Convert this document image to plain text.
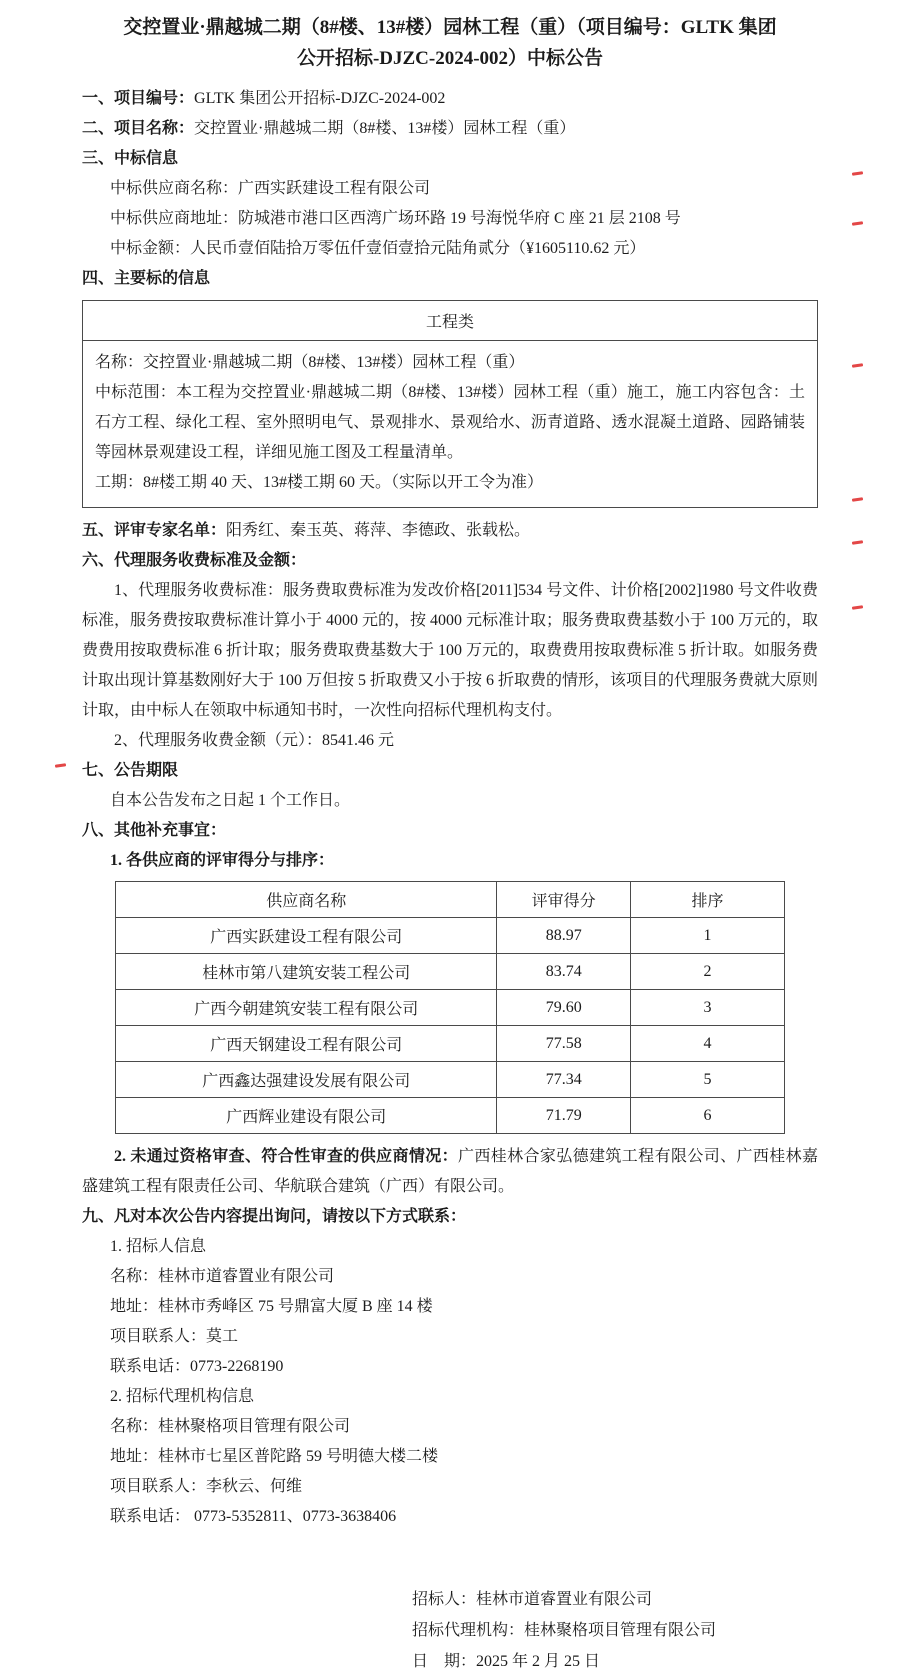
交控置业·鼎越城二期（8#楼、13#楼）园林工程（重）（项目编号：GLTK 集团
公开招标-DJZC-2024-002）中标公告

一、项目编号：GLTK 集团公开招标-DJZC-2024-002

二、项目名称：交控置业·鼎越城二期（8#楼、13#楼）园林工程（重）

三、中标信息

中标供应商名称：广西实跃建设工程有限公司

中标供应商地址：防城港市港口区西湾广场环路 19 号海悦华府 C 座 21 层 2108 号

中标金额：人民币壹佰陆拾万零伍仟壹佰壹拾元陆角贰分（¥1605110.62 元）

四、主要标的信息

工程类

名称：交控置业·鼎越城二期（8#楼、13#楼）园林工程（重）

中标范围：本工程为交控置业·鼎越城二期（8#楼、13#楼）园林工程（重）施工，施工内容包含：土石方工程、绿化工程、室外照明电气、景观排水、景观给水、沥青道路、透水混凝土道路、园路铺装等园林景观建设工程，详细见施工图及工程量清单。

工期：8#楼工期 40 天、13#楼工期 60 天。（实际以开工令为准）

五、评审专家名单：阳秀红、秦玉英、蒋萍、李德政、张载松。

六、代理服务收费标准及金额：

1、代理服务收费标准：服务费取费标准为发改价格[2011]534 号文件、计价格[2002]1980 号文件收费标准，服务费按取费标准计算小于 4000 元的，按 4000 元标准计取；服务费取费基数小于 100 万元的，取费费用按取费标准 6 折计取；服务费取费基数大于 100 万元的，取费费用按取费标准 5 折计取。如服务费计取出现计算基数刚好大于 100 万但按 5 折取费又小于按 6 折取费的情形，该项目的代理服务费就大原则计取，由中标人在领取中标通知书时，一次性向招标代理机构支付。

2、代理服务收费金额（元）：8541.46 元

七、公告期限

自本公告发布之日起 1 个工作日。

八、其他补充事宜：

1. 各供应商的评审得分与排序：

供应商名称	评审得分	排序
广西实跃建设工程有限公司	88.97	1
桂林市第八建筑安装工程公司	83.74	2
广西今朝建筑安装工程有限公司	79.60	3
广西天钢建设工程有限公司	77.58	4
广西鑫达强建设发展有限公司	77.34	5
广西辉业建设有限公司	71.79	6

2. 未通过资格审查、符合性审查的供应商情况：广西桂林合家弘德建筑工程有限公司、广西桂林嘉盛建筑工程有限责任公司、华航联合建筑（广西）有限公司。

九、凡对本次公告内容提出询问，请按以下方式联系：

1. 招标人信息

名称：桂林市道睿置业有限公司

地址：桂林市秀峰区 75 号鼎富大厦 B 座 14 楼

项目联系人：莫工

联系电话：0773-2268190

2. 招标代理机构信息

名称：桂林聚格项目管理有限公司

地址：桂林市七星区普陀路 59 号明德大楼二楼

项目联系人：李秋云、何维

联系电话： 0773-5352811、0773-3638406

招标人：桂林市道睿置业有限公司

招标代理机构：桂林聚格项目管理有限公司

日　期：2025 年 2 月 25 日
